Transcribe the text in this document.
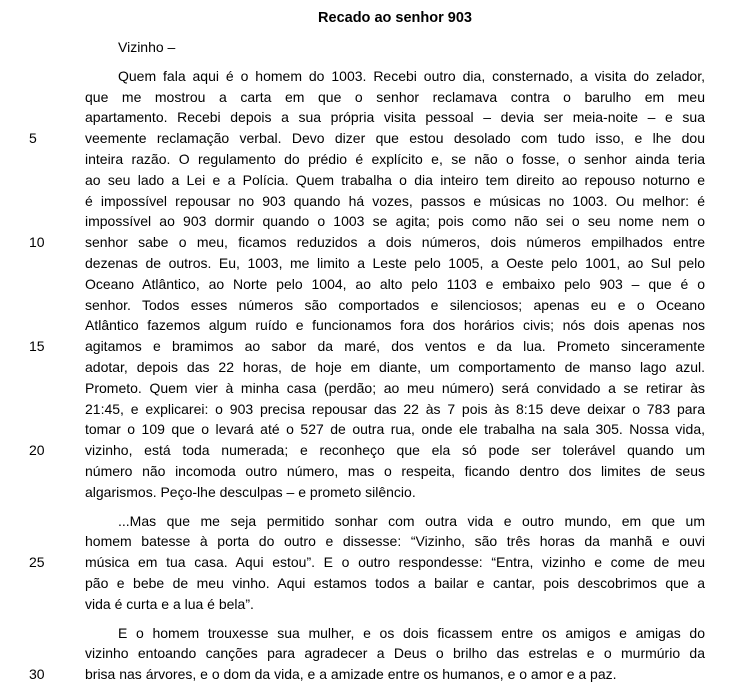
Recado ao senhor 903
Vizinho –
Quem fala aqui é o homem do 1003. Recebi outro dia, consternado, a visita do zelador,
que me mostrou a carta em que o senhor reclamava contra o barulho em meu
apartamento. Recebi depois a sua própria visita pessoal – devia ser meia-noite – e sua
5	veemente reclamação verbal. Devo dizer que estou desolado com tudo isso, e lhe dou
inteira razão. O regulamento do prédio é explícito e, se não o fosse, o senhor ainda teria
ao seu lado a Lei e a Polícia. Quem trabalha o dia inteiro tem direito ao repouso noturno e
é impossível repousar no 903 quando há vozes, passos e músicas no 1003. Ou melhor: é
impossível ao 903 dormir quando o 1003 se agita; pois como não sei o seu nome nem o
10	senhor sabe o meu, ficamos reduzidos a dois números, dois números empilhados entre
dezenas de outros. Eu, 1003, me limito a Leste pelo 1005, a Oeste pelo 1001, ao Sul pelo
Oceano Atlântico, ao Norte pelo 1004, ao alto pelo 1103 e embaixo pelo 903 – que é o
senhor. Todos esses números são comportados e silenciosos; apenas eu e o Oceano
Atlântico fazemos algum ruído e funcionamos fora dos horários civis; nós dois apenas nos
15	agitamos e bramimos ao sabor da maré, dos ventos e da lua. Prometo sinceramente
adotar, depois das 22 horas, de hoje em diante, um comportamento de manso lago azul.
Prometo. Quem vier à minha casa (perdão; ao meu número) será convidado a se retirar às
21:45, e explicarei: o 903 precisa repousar das 22 às 7 pois às 8:15 deve deixar o 783 para
tomar o 109 que o levará até o 527 de outra rua, onde ele trabalha na sala 305. Nossa vida,
20	vizinho, está toda numerada; e reconheço que ela só pode ser tolerável quando um
número não incomoda outro número, mas o respeita, ficando dentro dos limites de seus
algarismos. Peço-lhe desculpas – e prometo silêncio.
...Mas que me seja permitido sonhar com outra vida e outro mundo, em que um
homem batesse à porta do outro e dissesse: “Vizinho, são três horas da manhã e ouvi
25	música em tua casa. Aqui estou”. E o outro respondesse: “Entra, vizinho e come de meu
pão e bebe de meu vinho. Aqui estamos todos a bailar e cantar, pois descobrimos que a
vida é curta e a lua é bela”.
E o homem trouxesse sua mulher, e os dois ficassem entre os amigos e amigas do
vizinho entoando canções para agradecer a Deus o brilho das estrelas e o murmúrio da
30	brisa nas árvores, e o dom da vida, e a amizade entre os humanos, e o amor e a paz.
